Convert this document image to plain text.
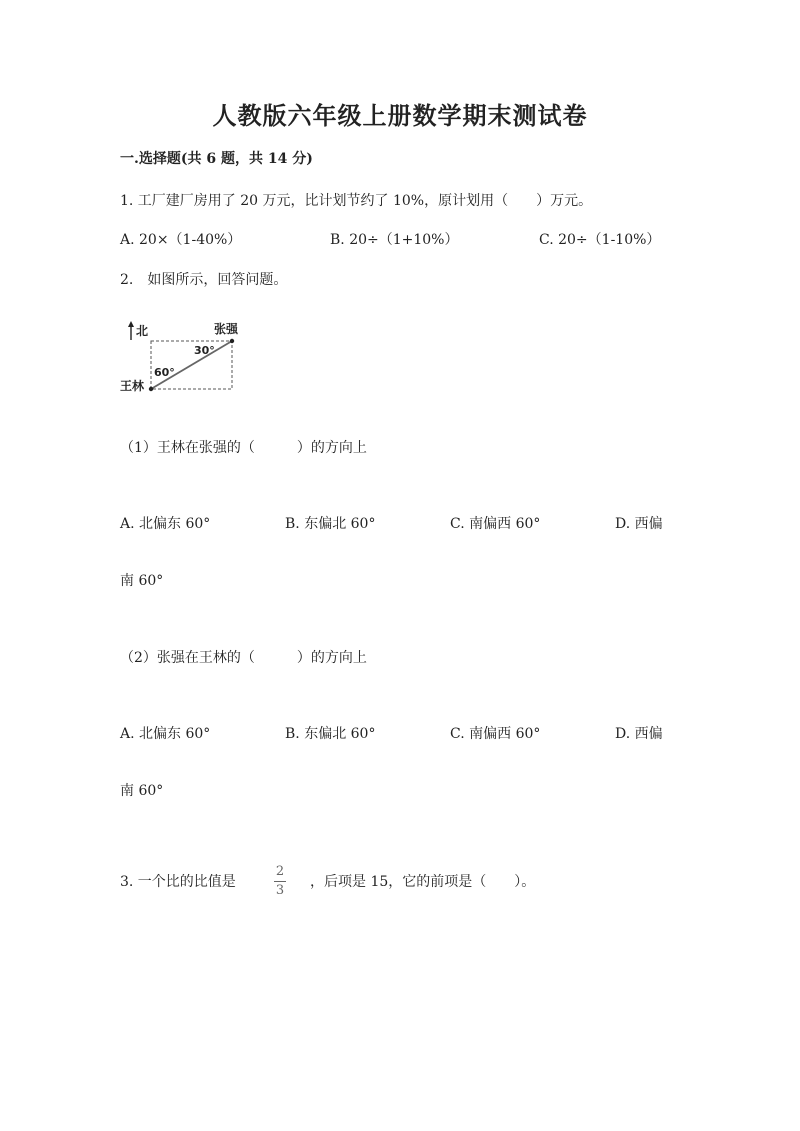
人教版六年级上册数学期末测试卷
一.选择题(共 6 题，共 14 分)
1. 工厂建厂房用了 20 万元，比计划节约了 10%，原计划用（　　）万元。
A. 20×（1-40%）	B. 20÷（1+10%）	C. 20÷（1-10%）
2.　如图所示，回答问题。
北	张强
王林
30°
60°
（1）王林在张强的（　　　）的方向上
A. 北偏东 60°	B. 东偏北 60°	C. 南偏西 60°	D. 西偏
南 60°
（2）张强在王林的（　　　）的方向上
A. 北偏东 60°	B. 东偏北 60°	C. 南偏西 60°	D. 西偏
南 60°
3. 一个比的比值是
2
3
，后项是 15，它的前项是（　　）。
